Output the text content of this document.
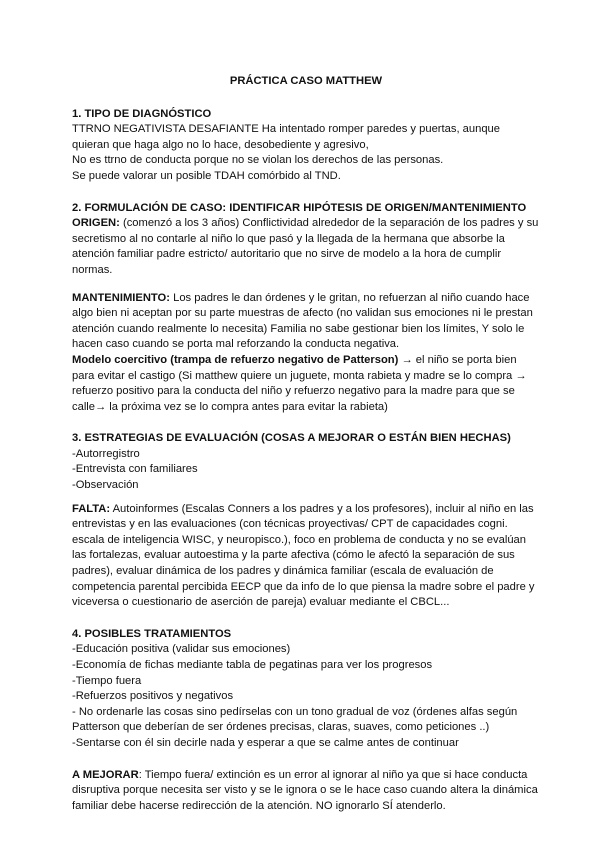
PRÁCTICA CASO MATTHEW

1. TIPO DE DIAGNÓSTICO

TTRNO NEGATIVISTA DESAFIANTE Ha intentado romper paredes y puertas, aunque quieran que haga algo no lo hace, desobediente y agresivo,

No es ttrno de conducta porque no se violan los derechos de las personas.

Se puede valorar un posible TDAH comórbido al TND.

2. FORMULACIÓN DE CASO: IDENTIFICAR HIPÓTESIS DE ORIGEN/MANTENIMIENTO

ORIGEN: (comenzó a los 3 años) Conflictividad alrededor de la separación de los padres y su secretismo al no contarle al niño lo que pasó y la llegada de la hermana que absorbe la atención familiar padre estricto/ autoritario que no sirve de modelo a la hora de cumplir normas.

MANTENIMIENTO: Los padres le dan órdenes y le gritan, no refuerzan al niño cuando hace algo bien ni aceptan por su parte muestras de afecto (no validan sus emociones ni le prestan atención cuando realmente lo necesita) Familia no sabe gestionar bien los límites, Y solo le hacen caso cuando se porta mal reforzando la conducta negativa.

Modelo coercitivo (trampa de refuerzo negativo de Patterson) → el niño se porta bien para evitar el castigo (Si matthew quiere un juguete, monta rabieta y madre se lo compra → refuerzo positivo para la conducta del niño y refuerzo negativo para la madre para que se calle→ la próxima vez se lo compra antes para evitar la rabieta)

3. ESTRATEGIAS DE EVALUACIÓN (COSAS A MEJORAR O ESTÁN BIEN HECHAS)

-Autorregistro
-Entrevista con familiares
-Observación

FALTA: Autoinformes (Escalas Conners a los padres y a los profesores), incluir al niño en las entrevistas y en las evaluaciones (con técnicas proyectivas/ CPT de capacidades cogni. escala de inteligencia WISC, y neuropisco.), foco en problema de conducta y no se evalúan las fortalezas, evaluar autoestima y la parte afectiva (cómo le afectó la separación de sus padres), evaluar dinámica de los padres y dinámica familiar (escala de evaluación de competencia parental percibida EECP que da info de lo que piensa la madre sobre el padre y viceversa o cuestionario de aserción de pareja) evaluar mediante el CBCL...

4. POSIBLES TRATAMIENTOS

-Educación positiva (validar sus emociones)
-Economía de fichas mediante tabla de pegatinas para ver los progresos
-Tiempo fuera
-Refuerzos positivos y negativos
- No ordenarle las cosas sino pedírselas con un tono gradual de voz (órdenes alfas según Patterson que deberían de ser órdenes precisas, claras, suaves, como peticiones ..)
-Sentarse con él sin decirle nada y esperar a que se calme antes de continuar

A MEJORAR: Tiempo fuera/ extinción es un error al ignorar al niño ya que si hace conducta disruptiva porque necesita ser visto y se le ignora o se le hace caso cuando altera la dinámica familiar debe hacerse redirección de la atención. NO ignorarlo SÍ atenderlo.
